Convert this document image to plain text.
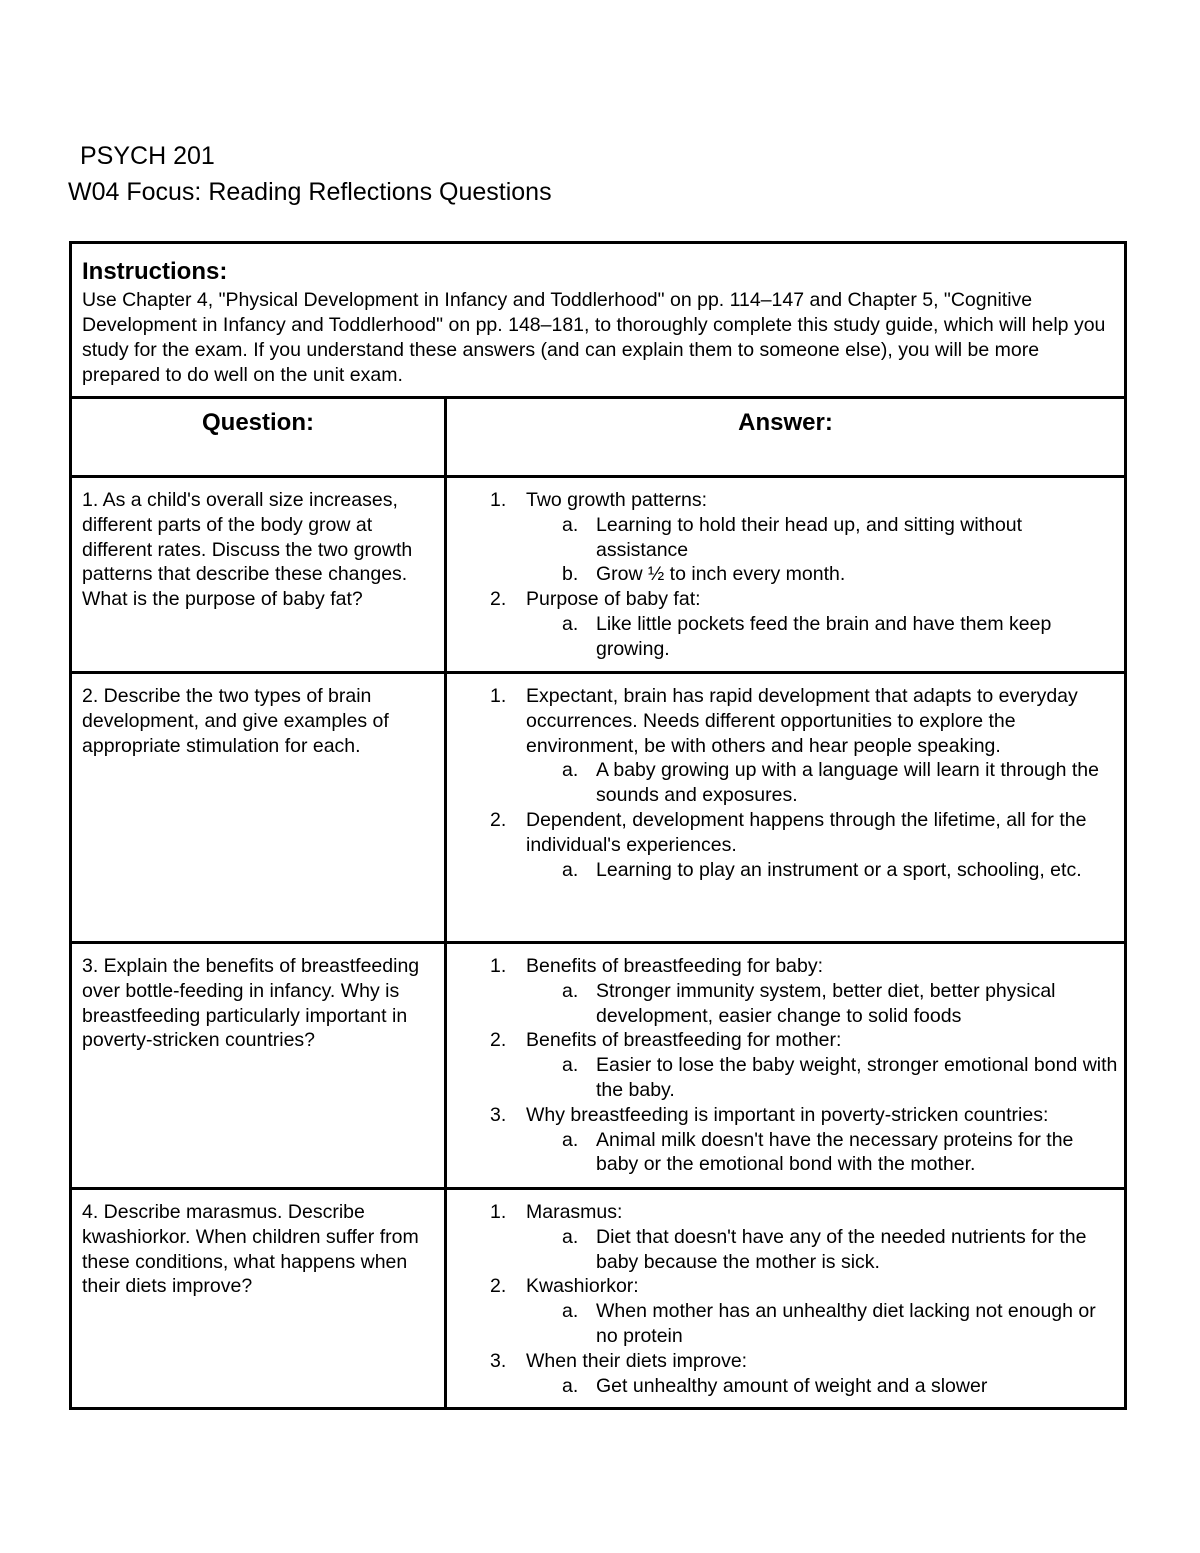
PSYCH 201
W04 Focus: Reading Reflections Questions
Instructions:
Use Chapter 4, "Physical Development in Infancy and Toddlerhood" on pp. 114–147 and Chapter 5, "Cognitive Development in Infancy and Toddlerhood" on pp. 148–181, to thoroughly complete this study guide, which will help you study for the exam. If you understand these answers (and can explain them to someone else), you will be more prepared to do well on the unit exam.
Question:	Answer:
1. As a child's overall size increases, different parts of the body grow at different rates. Discuss the two growth patterns that describe these changes. What is the purpose of baby fat?
1. Two growth patterns:
a. Learning to hold their head up, and sitting without assistance
b. Grow ½ to inch every month.
2. Purpose of baby fat:
a. Like little pockets feed the brain and have them keep growing.
2. Describe the two types of brain development, and give examples of appropriate stimulation for each.
1. Expectant, brain has rapid development that adapts to everyday occurrences. Needs different opportunities to explore the environment, be with others and hear people speaking.
a. A baby growing up with a language will learn it through the sounds and exposures.
2. Dependent, development happens through the lifetime, all for the individual's experiences.
a. Learning to play an instrument or a sport, schooling, etc.
3. Explain the benefits of breastfeeding over bottle-feeding in infancy. Why is breastfeeding particularly important in poverty-stricken countries?
1. Benefits of breastfeeding for baby:
a. Stronger immunity system, better diet, better physical development, easier change to solid foods
2. Benefits of breastfeeding for mother:
a. Easier to lose the baby weight, stronger emotional bond with the baby.
3. Why breastfeeding is important in poverty-stricken countries:
a. Animal milk doesn't have the necessary proteins for the baby or the emotional bond with the mother.
4. Describe marasmus. Describe kwashiorkor. When children suffer from these conditions, what happens when their diets improve?
1. Marasmus:
a. Diet that doesn't have any of the needed nutrients for the baby because the mother is sick.
2. Kwashiorkor:
a. When mother has an unhealthy diet lacking not enough or no protein
3. When their diets improve:
a. Get unhealthy amount of weight and a slower
